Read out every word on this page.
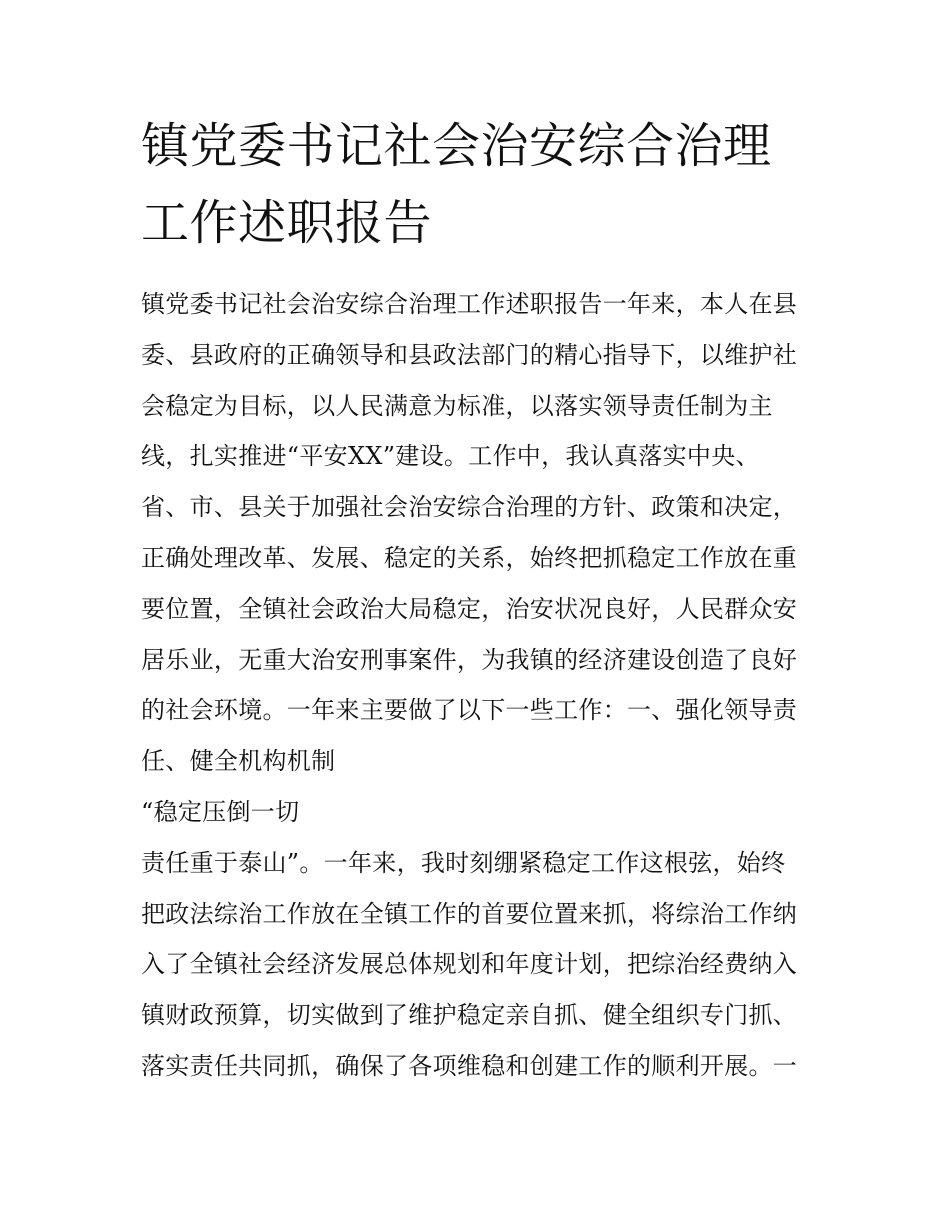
镇党委书记社会治安综合治理
工作述职报告
镇党委书记社会治安综合治理工作述职报告一年来，本人在县
委、县政府的正确领导和县政法部门的精心指导下，以维护社
会稳定为目标，以人民满意为标准，以落实领导责任制为主
线，扎实推进“平安XX”建设。工作中，我认真落实中央、
省、市、县关于加强社会治安综合治理的方针、政策和决定，
正确处理改革、发展、稳定的关系，始终把抓稳定工作放在重
要位置，全镇社会政治大局稳定，治安状况良好，人民群众安
居乐业，无重大治安刑事案件，为我镇的经济建设创造了良好
的社会环境。一年来主要做了以下一些工作：一、强化领导责
任、健全机构机制
“稳定压倒一切
责任重于泰山”。一年来，我时刻绷紧稳定工作这根弦，始终
把政法综治工作放在全镇工作的首要位置来抓，将综治工作纳
入了全镇社会经济发展总体规划和年度计划，把综治经费纳入
镇财政预算，切实做到了维护稳定亲自抓、健全组织专门抓、
落实责任共同抓，确保了各项维稳和创建工作的顺利开展。一
